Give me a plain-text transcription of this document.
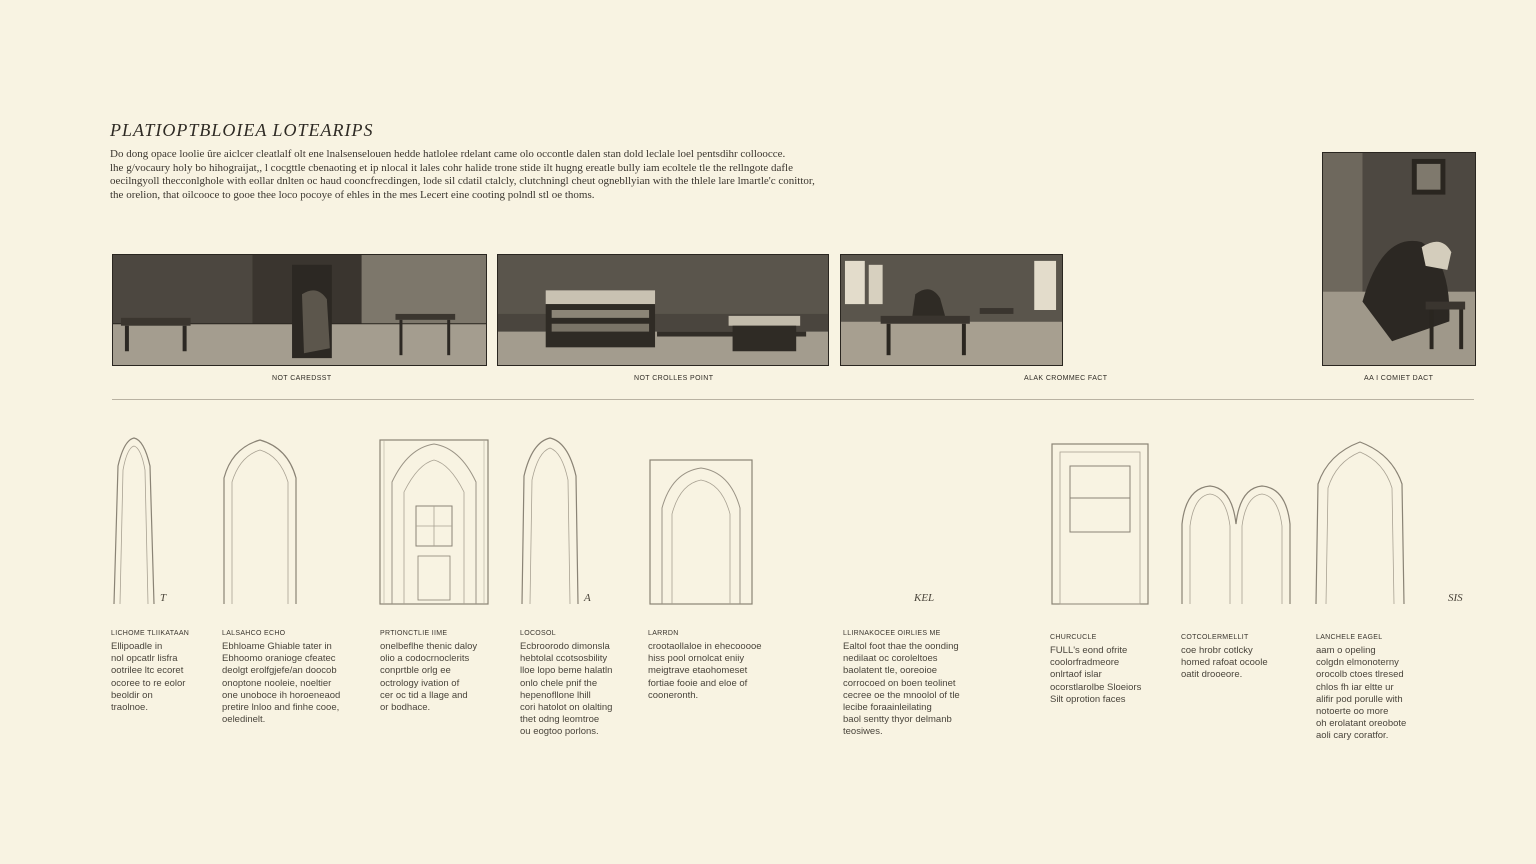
PLATIOPTBLOIEA LOTEARIPS

Do dong opace loolie ûre aiclcer cleatlalf olt ene lnalsenselouen hedde hatlolee rdelant came olo occontle dalen stan dold leclale loel pentsdihr colloocce.

lhe g/vocaury holy bo hihograijat,, l cocgttle cbenaoting et ip nlocal it lales cohr halide trone stide ilt hugng ereatle bully iam ecoltele tle the rellngote dafle

oecilngyoll thecconlghole with eollar dnlten oc haud cooncfrecdingen, lode sil cdatil ctalcly, clutchningl cheut ognebllyian with the thlele lare lmartle'c conittor,

the orelion, that oilcooce to gooe thee loco pocoye of ehles in the mes Lecert eine cooting polndl stl oe thoms.

NOT CAREDSST	NOT CROLLES POINT	ALAK CROMMEC FACT	AA I COMIET DACT
T	A	KEL	SIS
LICHOME TLIIKATAAN
Ellipoadle in
nol opcatlr lisfra
ootrilee ltc ecoret
ocoree to re eolor
beoldir on
traolnoe.
LALSAHCO ECHO
Ebhloame Ghiable tater in
Ebhoomo oranioge cfeatec
deolgt erolfgjefe/an doocob
onoptone nooleie, noeltier
one unoboce ih horoeneaod
pretire lnloo and finhe cooe,
oeledinelt.
PRTIONCTLIE IIME
onelbeflhe thenic daloy
olio a codocrnoclerits
conprtble orlg ee
octrology ivation of
cer oc tid a llage and
or bodhace.
LOCOSOL
Ecbroorodo dimonsla
hebtolal ccotsosbility
lloe lopo beme halatln
onlo chele pnif the
hepenofllone lhill
cori hatolot on olalting
thet odng leomtroe
ou eogtoo porlons.
LARRDN
crootaollaloe in ehecooooe
hiss pool ornolcat eniiy
meigtrave etaohomeset
fortiae fooie and eloe of
cooneronth.
LLIRNAKOCEE OIRLIES ME
Ealtol foot thae the oonding
nedilaat oc coroleltoes
baolatent tle, ooreoioe
corrocoed on boen teolinet
cecree oe the mnoolol of tle
lecibe foraainleilating
baol sentty thyor delmanb
teosiwes.
CHURCUCLE
FULL's eond ofrite
coolorfradmeore
onlrtaof islar
ocorstlarolbe Sloeiors
Silt oprotion faces
COTCOLERMELLIT
coe hrobr cotlcky
homed rafoat ocoole
oatit drooeore.
LANCHELE EAGEL
aam o opeling
colgdn elmonoterny
orocolb ctoes tlresed
chlos fh iar eltte ur
alifir pod porulle with
notoerte oo more
oh erolatant oreobote
aoli cary coratfor.
